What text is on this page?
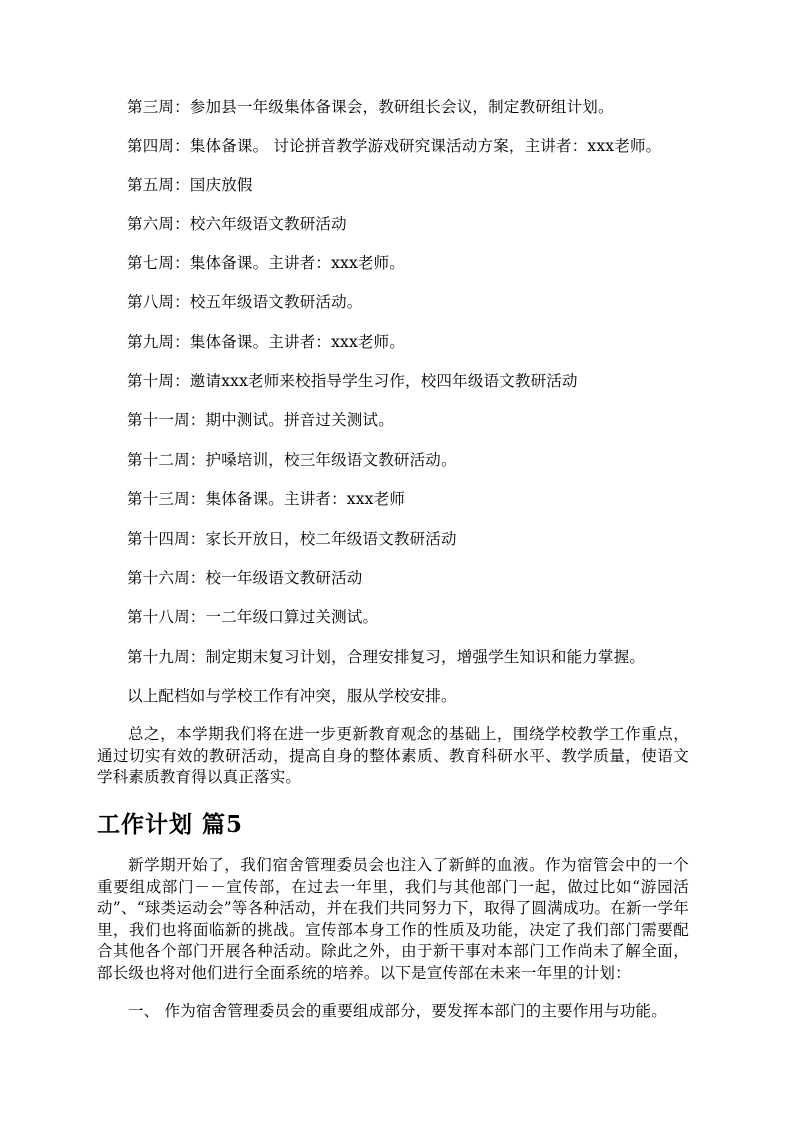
第三周：参加县一年级集体备课会，教研组长会议，制定教研组计划。
第四周：集体备课。 讨论拼音教学游戏研究课活动方案，主讲者：xxx老师。
第五周：国庆放假
第六周：校六年级语文教研活动
第七周：集体备课。主讲者：xxx老师。
第八周：校五年级语文教研活动。
第九周：集体备课。主讲者：xxx老师。
第十周：邀请xxx老师来校指导学生习作，校四年级语文教研活动
第十一周：期中测试。拼音过关测试。
第十二周：护嗓培训，校三年级语文教研活动。
第十三周：集体备课。主讲者：xxx老师
第十四周：家长开放日，校二年级语文教研活动
第十六周：校一年级语文教研活动
第十八周：一二年级口算过关测试。
第十九周：制定期末复习计划，合理安排复习，增强学生知识和能力掌握。
以上配档如与学校工作有冲突，服从学校安排。
总之，本学期我们将在进一步更新教育观念的基础上，围绕学校教学工作重点，通过切实有效的教研活动，提高自身的整体素质、教育科研水平、教学质量，使语文学科素质教育得以真正落实。
工作计划 篇5
新学期开始了，我们宿舍管理委员会也注入了新鲜的血液。作为宿管会中的一个重要组成部门－－宣传部，在过去一年里，我们与其他部门一起，做过比如“游园活动”、“球类运动会”等各种活动，并在我们共同努力下，取得了圆满成功。在新一学年里，我们也将面临新的挑战。宣传部本身工作的性质及功能，决定了我们部门需要配合其他各个部门开展各种活动。除此之外，由于新干事对本部门工作尚未了解全面，部长级也将对他们进行全面系统的培养。以下是宣传部在未来一年里的计划：
一、 作为宿舍管理委员会的重要组成部分，要发挥本部门的主要作用与功能。
